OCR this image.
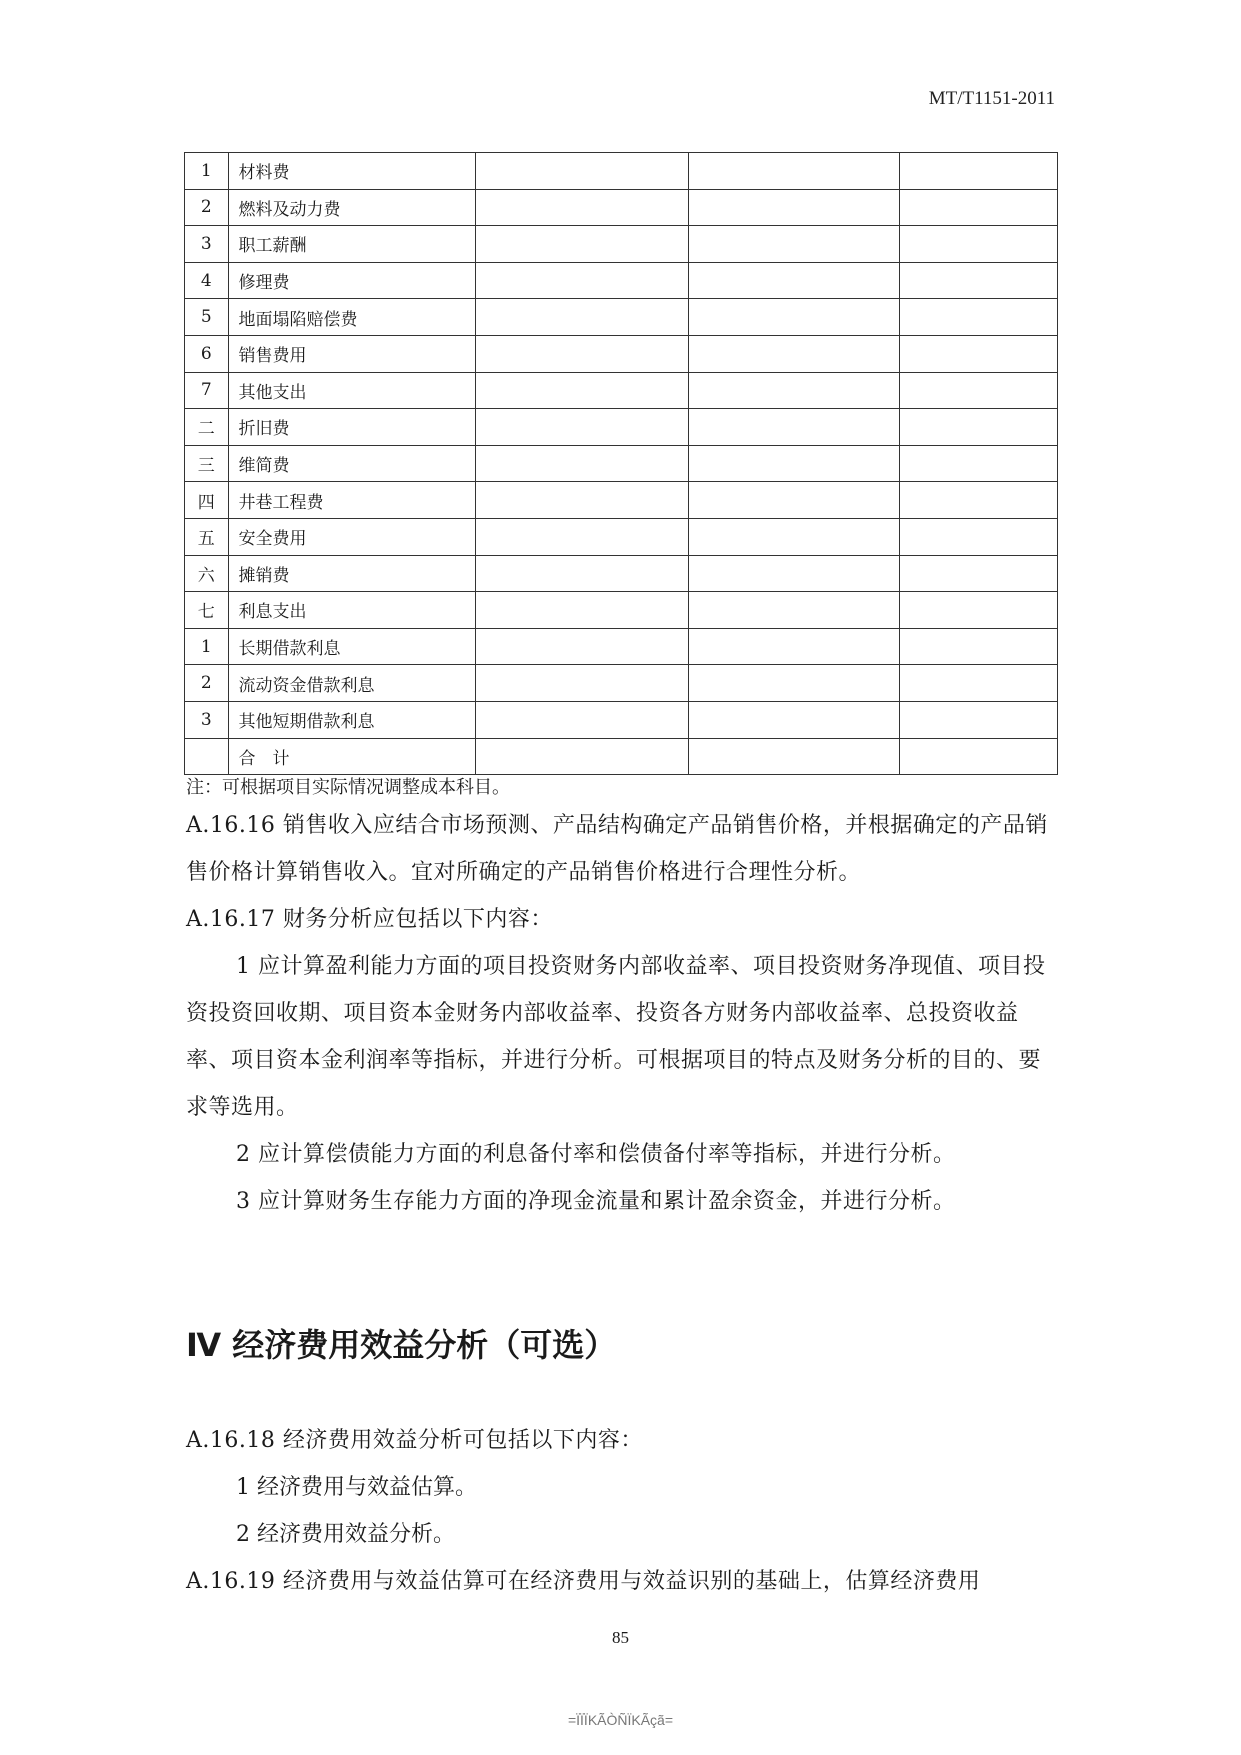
MT/T1151-2011
1	材料费			
2	燃料及动力费			
3	职工薪酬			
4	修理费			
5	地面塌陷赔偿费			
6	销售费用			
7	其他支出			
二	折旧费			
三	维简费			
四	井巷工程费			
五	安全费用			
六	摊销费			
七	利息支出			
1	长期借款利息			
2	流动资金借款利息			
3	其他短期借款利息			
	合　计			
注：可根据项目实际情况调整成本科目。
A.16.16 销售收入应结合市场预测、产品结构确定产品销售价格，并根据确定的产品销售价格计算销售收入。宜对所确定的产品销售价格进行合理性分析。
A.16.17 财务分析应包括以下内容：
1 应计算盈利能力方面的项目投资财务内部收益率、项目投资财务净现值、项目投资投资回收期、项目资本金财务内部收益率、投资各方财务内部收益率、总投资收益率、项目资本金利润率等指标，并进行分析。可根据项目的特点及财务分析的目的、要求等选用。
2 应计算偿债能力方面的利息备付率和偿债备付率等指标，并进行分析。
3 应计算财务生存能力方面的净现金流量和累计盈余资金，并进行分析。
Ⅳ 经济费用效益分析（可选）
A.16.18 经济费用效益分析可包括以下内容：
1 经济费用与效益估算。
2 经济费用效益分析。
A.16.19 经济费用与效益估算可在经济费用与效益识别的基础上，估算经济费用
85
=ÏÏÏKÃÒÑÏKÃçã=
